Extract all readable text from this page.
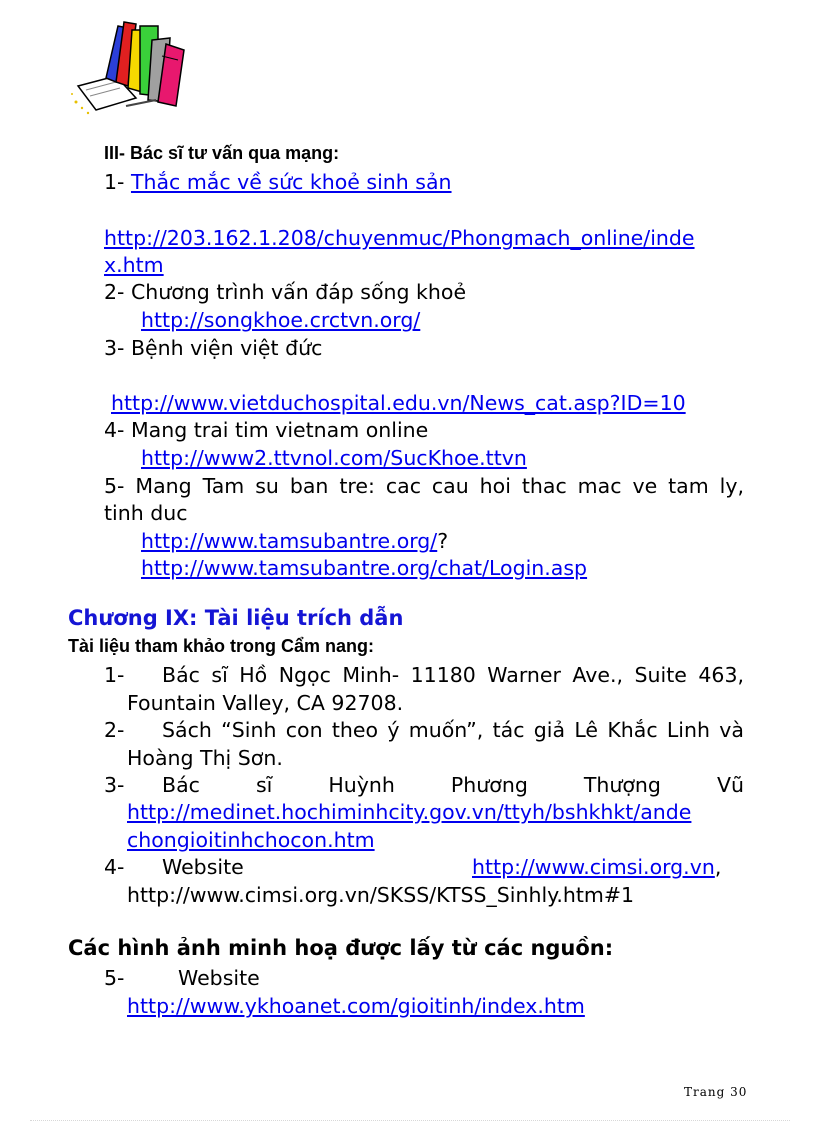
III- Bác sĩ tư vấn qua mạng:
1- Thắc mắc về sức khoẻ sinh sản
http://203.162.1.208/chuyenmuc/Phongmach_online/inde
x.htm
2- Chương trình vấn đáp sống khoẻ
http://songkhoe.crctvn.org/
3- Bệnh viện việt đức
http://www.vietduchospital.edu.vn/News_cat.asp?ID=10
4- Mang trai tim vietnam online
http://www2.ttvnol.com/SucKhoe.ttvn
5- Mang Tam su ban tre: cac cau hoi thac mac ve tam ly,
tinh duc
http://www.tamsubantre.org/?
http://www.tamsubantre.org/chat/Login.asp
Chương IX: Tài liệu trích dẫn
Tài liệu tham khảo trong Cẩm nang:
1- Bác sĩ Hồ Ngọc Minh- 11180 Warner Ave., Suite 463,
Fountain Valley, CA 92708.
2- Sách “Sinh con theo ý muốn”, tác giả Lê Khắc Linh và
Hoàng Thị Sơn.
3- Bác sĩ Huỳnh Phương Thượng Vũ
http://medinet.hochiminhcity.gov.vn/ttyh/bshkhkt/ande
chongioitinhchocon.htm
4- Website	http://www.cimsi.org.vn,
http://www.cimsi.org.vn/SKSS/KTSS_Sinhly.htm#1
Các hình ảnh minh hoạ được lấy từ các nguồn:
5-	Website
http://www.ykhoanet.com/gioitinh/index.htm
Trang 30
